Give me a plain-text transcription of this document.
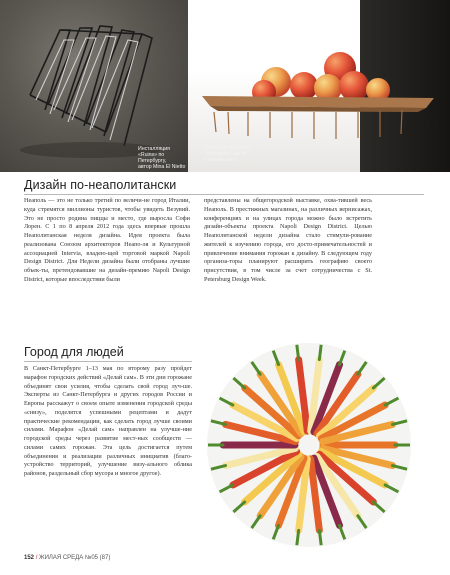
Инсталляция
«Ruins» по Петербургу,
автор Mina El Nietto
Кухня для фруктов
«Kompotti», автор
Carlo Gerratio
Дизайн по-неаполитански

Неаполь — это не только третий по величи-не город Италии, куда стремятся миллионы туристов, чтобы увидеть Везувий. Это не просто родина пиццы и место, где выросла Софи Лорен. С 1 по 8 апреля 2012 года здесь впервые прошла Неаполитанская неделя дизайна. Идея проекта была реализована Союзом архитекторов Неапо-ля и Культурной ассоциацией Intervia, владею-щей торговой маркой Napoli Design District. Для Недели дизайна были отобраны лучшие объек-ты, претендовавшие на дизайн-премию Napoli Design District, которые впоследствии были

представлены на общегородской выставке, охва-тившей весь Неаполь. В престижных магазинах, на различных вернисажах, конференциях и на улицах города можно было встретить дизайн-объекты проекта Napoli Design District. Целью Неаполитанской недели дизайна стало стимули-рование жителей к изучению города, его досто-примечательностей и привлечение внимания горожан к дизайну. В следующем году организа-торы планируют расширить географию своего присутствия, в том числе за счет сотрудничества с St. Petersburg Design Week.

Город для людей

В Санкт-Петербурге 1–13 мая по второму разу пройдет марафон городских действий «Делай сам». В эти дни горожане объединят свои усилия, чтобы сделать свой город луч-ше. Эксперты из Санкт-Петербурга и других городов России и Европы расскажут о своем опыте изменения городской среды «снизу», поделятся успешными рецептами и дадут практические рекомендации, как сделать город лучше своими силами. Марафон «Делай сам» направлен на улучше-ние городской среды через развитие мест-ных сообществ — силами самих горожан. Эта цель достигается путем объединения и реализации различных инициатив (благо-устройство территорий, улучшение визу-ального облика районов, раздельный сбор мусора и многое другое).

152 / ЖИЛАЯ СРЕДА №05 (87)
